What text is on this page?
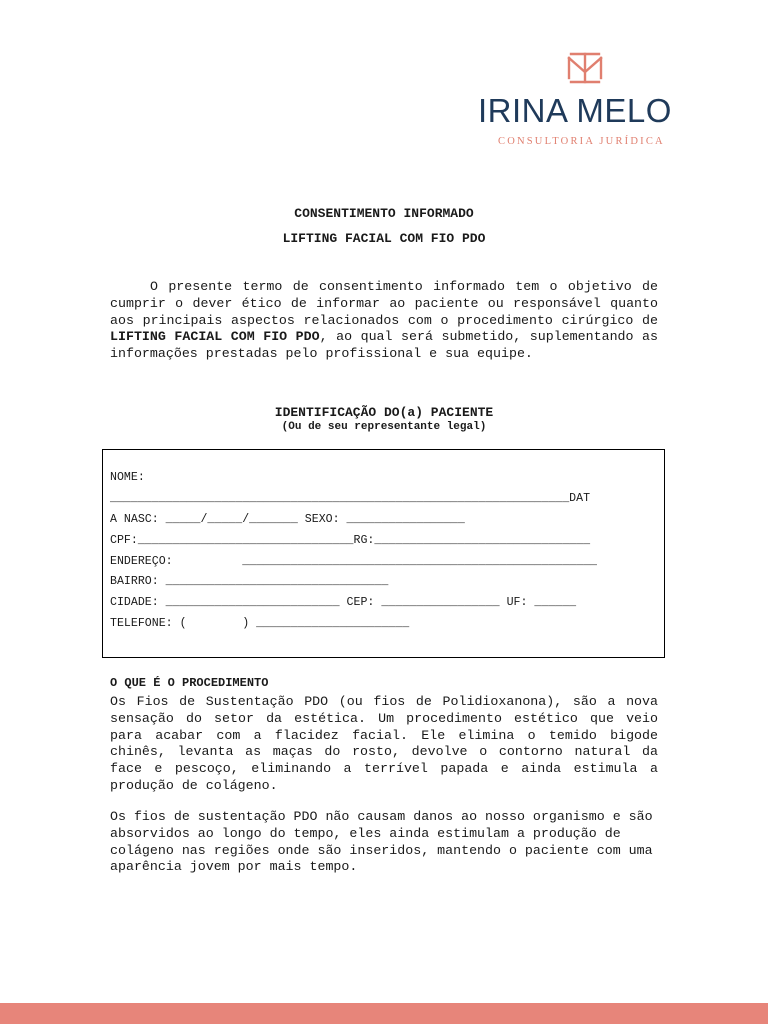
IRINA MELO
CONSULTORIA JURÍDICA
CONSENTIMENTO INFORMADO
LIFTING FACIAL COM FIO PDO

O presente termo de consentimento informado tem o objetivo de cumprir o dever ético de informar ao paciente ou responsável quanto aos principais aspectos relacionados com o procedimento cirúrgico de LIFTING FACIAL COM FIO PDO, ao qual será submetido, suplementando as informações prestadas pelo profissional e sua equipe.

IDENTIFICAÇÃO DO(a) PACIENTE
(Ou de seu representante legal)
NOME:
__________________________________________________________________DAT
A NASC: _____/_____/_______ SEXO: _________________
CPF:_______________________________RG:_______________________________
ENDEREÇO:          ___________________________________________________
BAIRRO: ________________________________
CIDADE: _________________________ CEP: _________________ UF: ______
TELEFONE: (        ) ______________________
O QUE É O PROCEDIMENTO

Os Fios de Sustentação PDO (ou fios de Polidioxanona), são a nova sensação do setor da estética. Um procedimento estético que veio para acabar com a flacidez facial. Ele elimina o temido bigode chinês, levanta as maças do rosto, devolve o contorno natural da face e pescoço, eliminando a terrível papada e ainda estimula a produção de colágeno.

Os fios de sustentação PDO não causam danos ao nosso organismo e são absorvidos ao longo do tempo, eles ainda estimulam a produção de colágeno nas regiões onde são inseridos, mantendo o paciente com uma aparência jovem por mais tempo.
